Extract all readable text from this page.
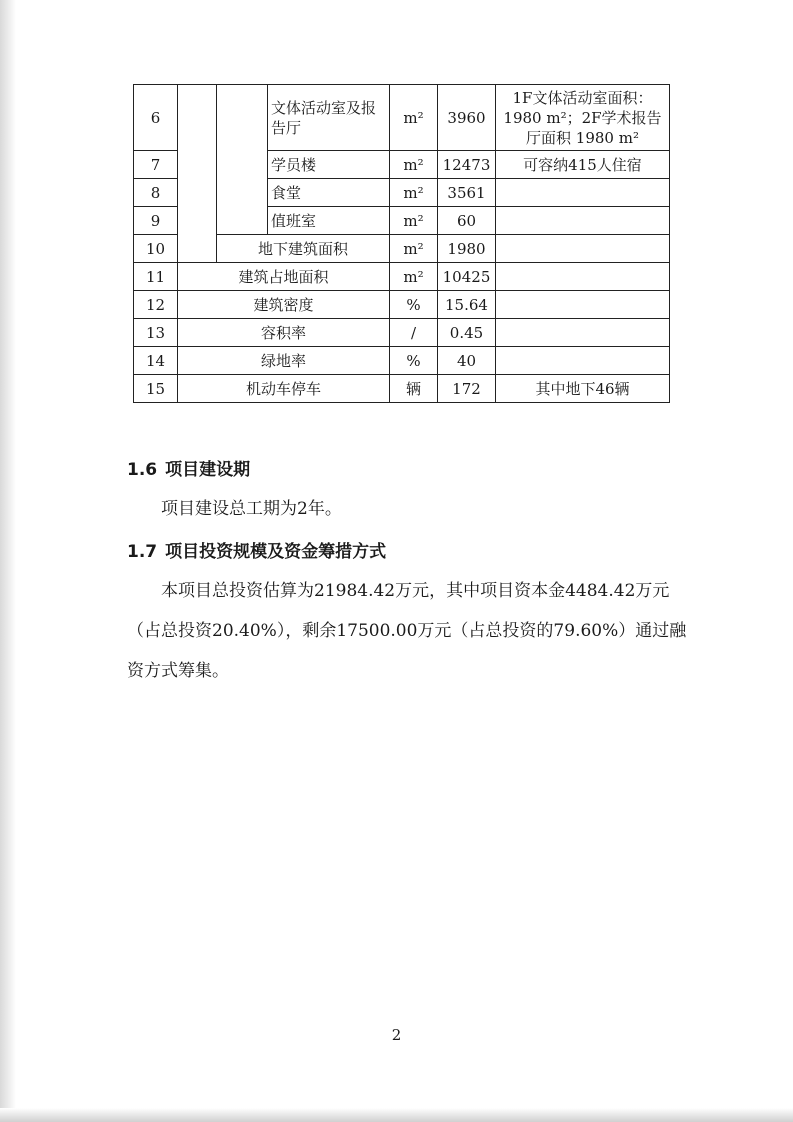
6			文体活动室及报告厅	m²	3960	1F文体活动室面积：1980 m²；2F学术报告厅面积 1980 m²
7			学员楼	m²	12473	可容纳415人住宿
8			食堂	m²	3561	
9			值班室	m²	60	
10		地下建筑面积		m²	1980	
11	建筑占地面积			m²	10425	
12	建筑密度			%	15.64	
13	容积率			/	0.45	
14	绿地率			%	40	
15	机动车停车			辆	172	其中地下46辆
1.6 项目建设期
项目建设总工期为2年。
1.7 项目投资规模及资金筹措方式
本项目总投资估算为21984.42万元，其中项目资本金4484.42万元（占总投资20.40%），剩余17500.00万元（占总投资的79.60%）通过融资方式筹集。
2
